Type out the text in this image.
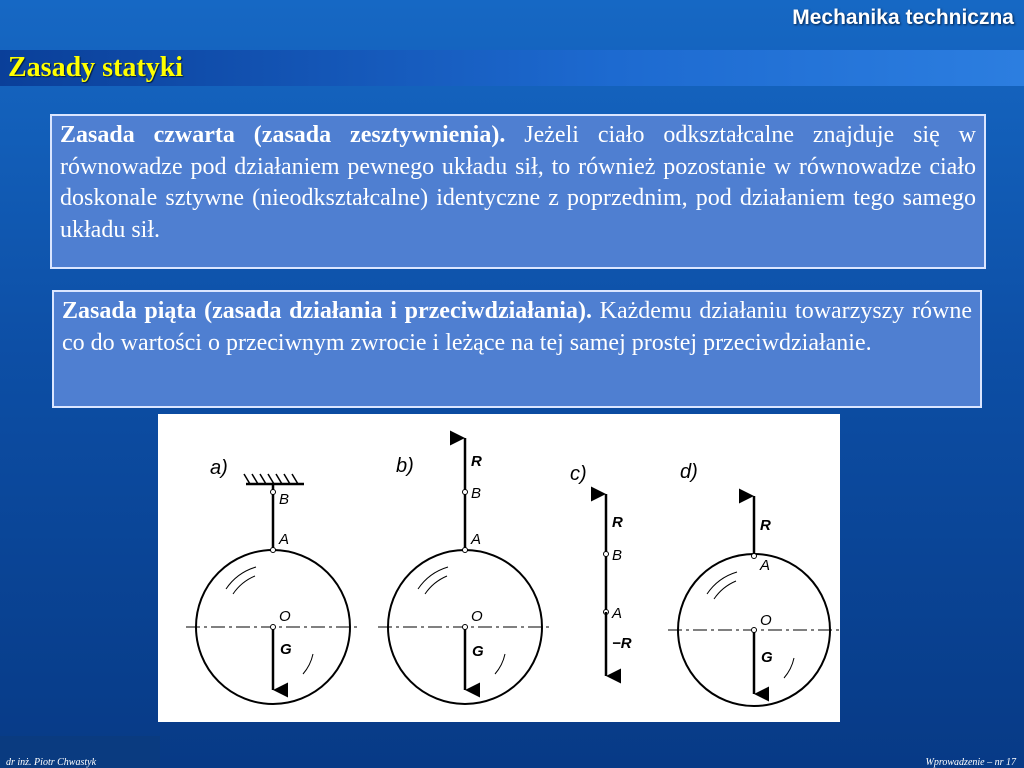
Mechanika techniczna
Zasady statyki
Zasada czwarta (zasada zesztywnienia). Jeżeli ciało odkształcalne znajduje się w równowadze pod działaniem pewnego układu sił, to również pozostanie w równowadze ciało doskonale sztywne (nieodkształcalne) identyczne z poprzednim, pod działaniem tego samego układu sił.
Zasada piąta (zasada działania i przeciwdziałania). Każdemu działaniu towarzyszy równe co do wartości o przeciwnym zwrocie i leżące na tej samej prostej przeciwdziałanie.
a)
B
A
O
G
b)	R
B
A
O
G
c)
R
B
A
−R
d)
R
A
O
G
dr inż. Piotr Chwastyk	Wprowadzenie – nr 17
